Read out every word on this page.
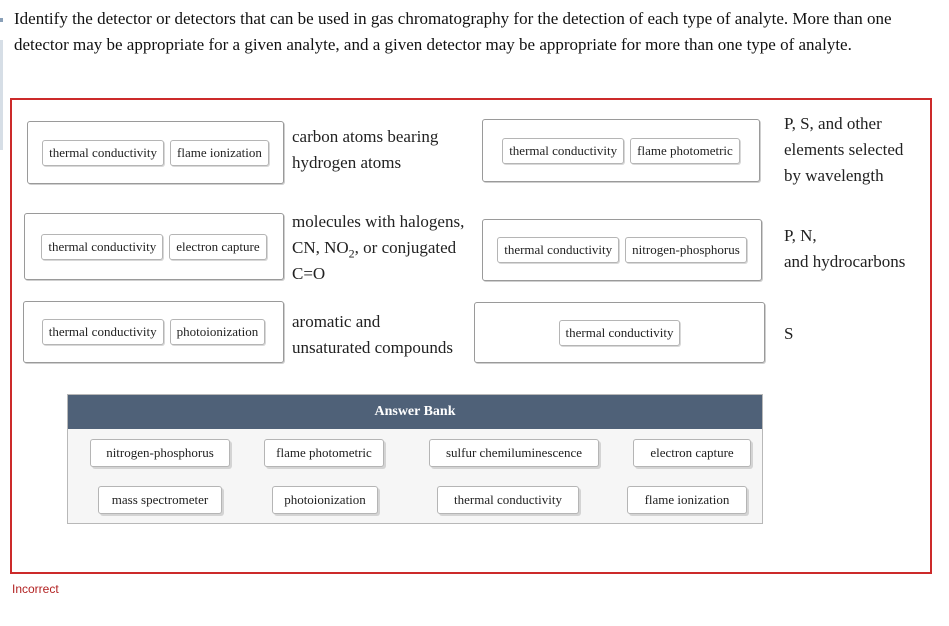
Identify the detector or detectors that can be used in gas chromatography for the detection of each type of analyte. More than one detector may be appropriate for a given analyte, and a given detector may be appropriate for more than one type of analyte.
thermal conductivity	flame ionization
carbon atoms bearing
hydrogen atoms
thermal conductivity	electron capture
molecules with halogens,
CN, $NO_2$, or conjugated
C=O
thermal conductivity	photoionization
aromatic and
unsaturated compounds
thermal conductivity	flame photometric
P, S, and other
elements selected
by wavelength
thermal conductivity	nitrogen-phosphorus
P, N,
and hydrocarbons
thermal conductivity	S
Answer Bank
nitrogen-phosphorus	flame photometric	sulfur chemiluminescence	electron capture
mass spectrometer	photoionization	thermal conductivity	flame ionization
Incorrect
